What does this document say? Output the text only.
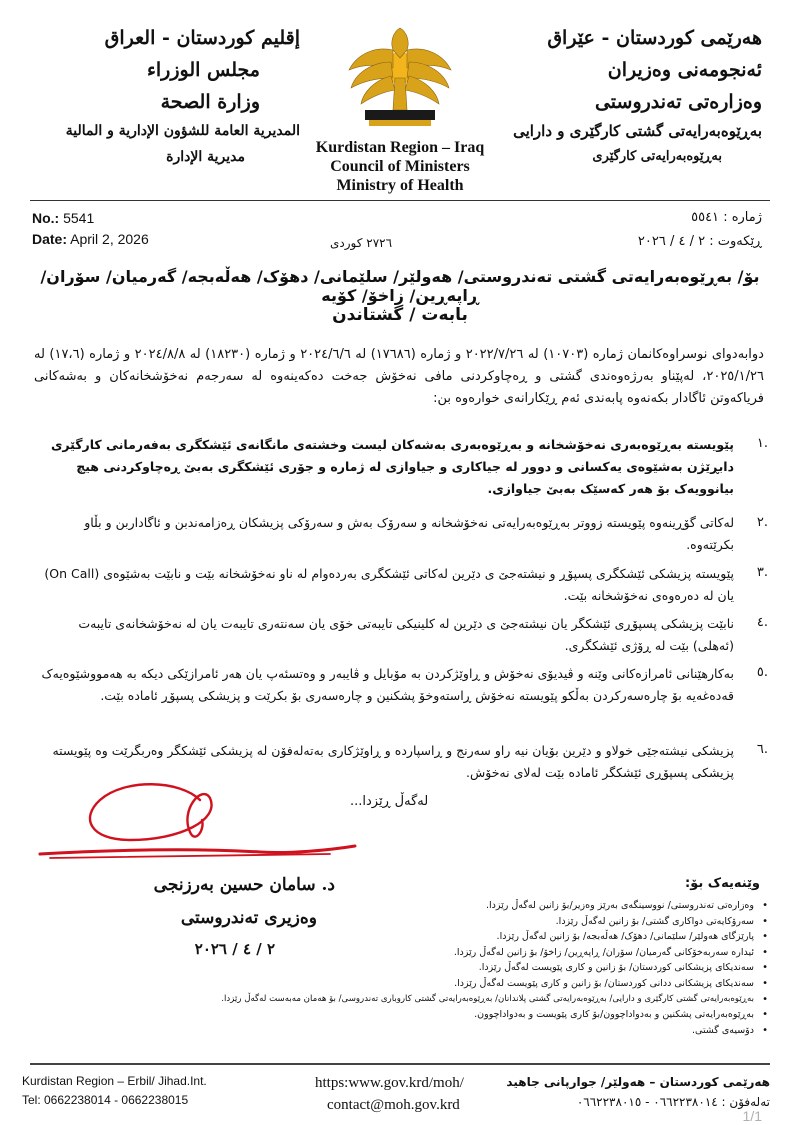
هەرێمی کوردستان - عێراق
ئەنجومەنی وەزیران
وەزارەتی تەندروستی
بەڕێوەبەرایەتی گشتی کارگێری و دارایی
بەڕێوەبەرایەتی کارگێری
إقليم كوردستان - العراق
مجلس الوزراء
وزارة الصحة
المديرية العامة للشؤون الإدارية و المالية
مديرية الإدارة
Kurdistan Region – Iraq
Council of Ministers
Ministry of Health
No.: 5541
Date: April 2, 2026
ژمارە : ٥٥٤١
ڕێکەوت : ٢ / ٤ / ٢٠٢٦
٢٧٢٦ كوردی
بۆ/ بەڕێوەبەرایەتی گشتی تەندروستی/ هەولێر/ سلێمانی/ دهۆک/ هەڵەبجە/ گەرمیان/ سۆران/ ڕاپەڕین/ زاخۆ/ کۆیە
بابەت / گشتاندن
دوابەدوای نوسراوەکانمان ژمارە (١٠٧٠٣) لە ٢٠٢٢/٧/٢٦ و ژمارە (١٧٦٨٦) لە ٢٠٢٤/٦/٦ و ژمارە (١٨٢٣٠) لە ٢٠٢٤/٨/٨ و ژمارە (١٧،٦) لە ٢٠٢٥/١/٢٦، لەپێناو بەرژەوەندی گشتی و ڕەچاوکردنی مافی نەخۆش جەخت دەکەینەوە لە سەرجەم نەخۆشخانەکان و بەشەکانی فریاکەوتن ئاگادار بکەنەوە پابەندی ئەم ڕێکارانەی خوارەوە بن:
١.
پێویستە بەڕێوەبەری نەخۆشخانە و بەڕێوەبەری بەشەکان لیست وخشتەی مانگانەی ئێشکگری بەفەرمانی کارگێری دابڕێژن بەشێوەی یەکسانی و دوور لە جیاکاری و جیاوازی لە ژمارە و جۆری ئێشکگری بەبێ ڕەچاوکردنی هیچ بیانوویەک بۆ هەر کەسێک بەبێ جیاوازی.
٢.
لەکاتی گۆڕینەوە پێویستە زووتر بەڕێوەبەرایەتی نەخۆشخانە و سەرۆک بەش و سەرۆکی پزیشکان ڕەزامەندبن و ئاگاداربن و بڵاو بکرێتەوە.
٣.
پێویستە پزیشکی ئێشکگری پسپۆڕ و نیشتەجێ ی دێرین لەکاتی ئێشکگری بەردەوام لە ناو نەخۆشخانە بێت و نابێت بەشێوەی (On Call) یان لە دەرەوەی نەخۆشخانە بێت.
٤.
نابێت پزیشکی پسپۆڕی ئێشکگر یان نیشتەجێ ی دێرین لە کلینیکی تایبەتی خۆی یان سەنتەری تایبەت یان لە نەخۆشخانەی تایبەت (ئەهلی) بێت لە ڕۆژی ئێشکگری.
٥.
بەکارهێنانی ئامرازەکانی وێنە و ڤیدیۆی نەخۆش و ڕاوێژکردن بە مۆبایل و ڤایبەر و وەتسئەپ یان هەر ئامرازێکی دیکە بە هەمووشێوەیەک قەدەغەیە بۆ چارەسەرکردن بەڵکو پێویستە نەخۆش ڕاستەوخۆ پشکنین و چارەسەری بۆ بکرێت و پزیشکی پسپۆڕ ئامادە بێت.
٦.
پزیشکی نیشتەجێی خولاو و دێرین بۆیان نیە راو سەرنج و ڕاسپاردە و ڕاوێژکاری بەتەلەفۆن لە پزیشکی ئێشکگر وەربگرێت وە پێویستە پزیشکی پسپۆڕی ئێشکگر ئامادە بێت لەلای نەخۆش.
لەگەڵ ڕێزدا...
د. سامان حسین بەرزنجی
وەزیری تەندروستی
٢ / ٤ / ٢٠٢٦
وێنەیەک بۆ:
• وەزارەتی تەندروستی/ نووسینگەی بەرێز وەزیر/بۆ زانین لەگەڵ رێزدا.
• سەرۆکایەتی دواکاری گشتی/ بۆ زانین لەگەڵ رێزدا.
• پارێزگای هەولێر/ سلێمانی/ دهۆک/ هەڵەبجە/ بۆ زانین لەگەڵ رێزدا.
• ئیدارە سەربەخۆکانی گەرمیان/ سۆران/ ڕاپەڕین/ زاخۆ/ بۆ زانین لەگەڵ رێزدا.
• سەندیکای پزیشکانی کوردستان/ بۆ زانین و کاری پێویست لەگەڵ رێزدا.
• سەندیکای پزیشکانی ددانی کوردستان/ بۆ زانین و کاری پێویست لەگەڵ رێزدا.
• بەڕێوەبەرایەتی گشتی کارگێری و دارایی/ بەڕێوەبەرایەتی گشتی پلاندانان/ بەڕێوەبەرایەتی گشتی کاروباری تەندروسی/ بۆ هەمان مەبەست لەگەڵ رێزدا.
• بەڕێوەبەرایەتی پشکنین و بەدواداچوون/بۆ کاری پێویست و بەدواداچوون.
• دۆسیەی گشتی.
Kurdistan Region – Erbil/ Jihad.Int.
Tel: 0662238014 - 0662238015
https:www.gov.krd/moh/
contact@moh.gov.krd
هەرێمی کوردستان – هەولێر/ جوارپانی جاهید
تەلەفۆن : ٠٦٦٢٢٣٨٠١٤ - ٠٦٦٢٢٣٨٠١٥
1/1
